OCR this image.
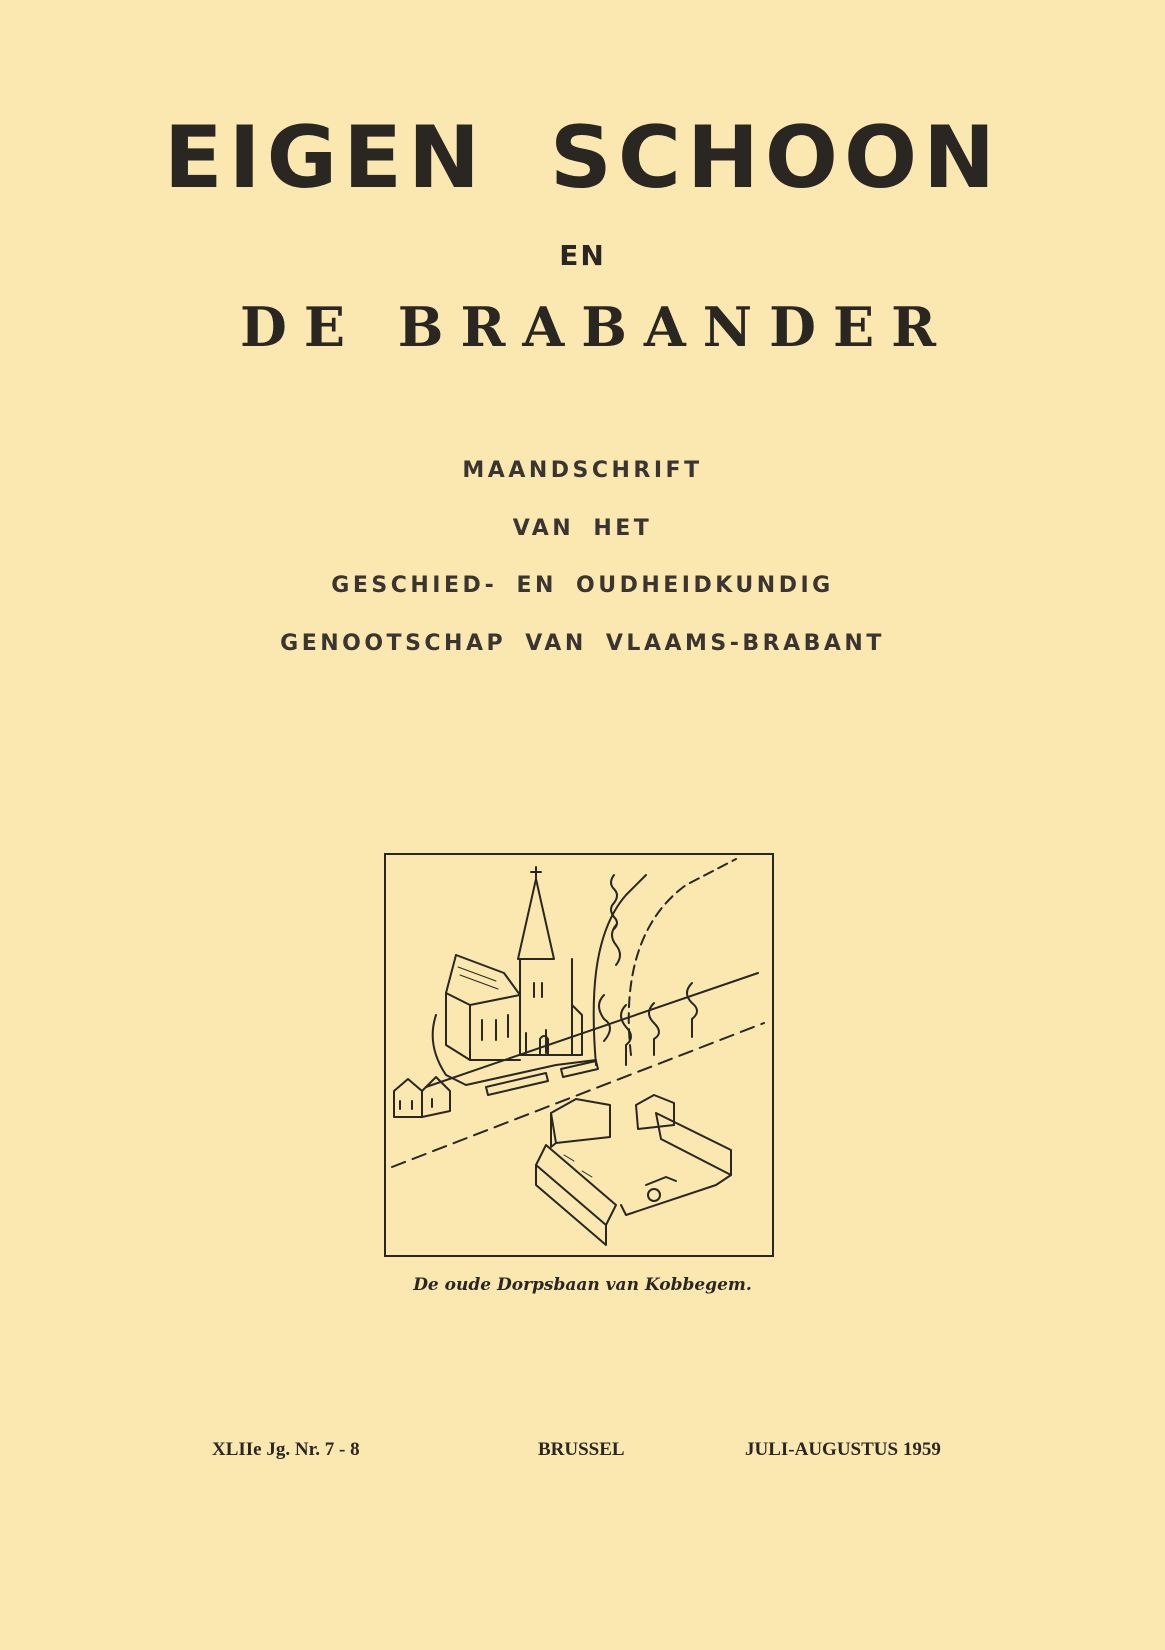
EIGEN SCHOON
EN
DE BRABANDER
MAANDSCHRIFT
VAN HET
GESCHIED- EN OUDHEIDKUNDIG
GENOOTSCHAP VAN VLAAMS-BRABANT
De oude Dorpsbaan van Kobbegem.
XLIIe Jg. Nr. 7 - 8	BRUSSEL	JULI-AUGUSTUS 1959
